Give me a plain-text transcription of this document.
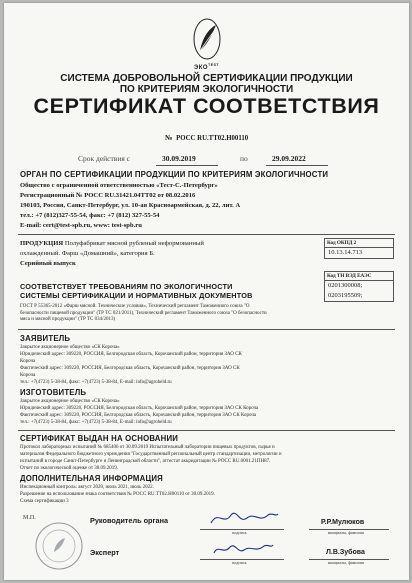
$ЭКО^{TEST}$
СИСТЕМА ДОБРОВОЛЬНОЙ СЕРТИФИКАЦИИ ПРОДУКЦИИ
ПО КРИТЕРИЯМ ЭКОЛОГИЧНОСТИ
СЕРТИФИКАТ СООТВЕТСТВИЯ
№ РОСС RU.ТТ02.Н00110
Срок действия с	30.09.2019	по	29.09.2022
ОРГАН ПО СЕРТИФИКАЦИИ ПРОДУКЦИИ ПО КРИТЕРИЯМ ЭКОЛОГИЧНОСТИ
Общество с ограниченной ответственностью «Тест-С.-Петербург»
Регистрационный № РОСС RU.31421.04ТТ02 от 08.02.2016
190103, Россия, Санкт-Петербург, ул. 10-ая Красноармейская, д. 22, лит. А
тел.: +7 (812)327-55-54, факс: +7 (812) 327-55-54
E-mail: cert@test-spb.ru, www: test-spb.ru
ПРОДУКЦИЯ Полуфабрикат мясной рубленый неформованный
охлажденный. Фарш «Домашний», категория Б.
Серийный выпуск
Код ОКПД 2
10.13.14.713
Код ТН ВЭД ЕАЭС
0201300008;
0203195509;
СООТВЕТСТВУЕТ ТРЕБОВАНИЯМ ПО ЭКОЛОГИЧНОСТИ
СИСТЕМЫ СЕРТИФИКАЦИИ И НОРМАТИВНЫХ ДОКУМЕНТОВ
ГОСТ Р 55365-2012 «Фарш мясной. Технические условия», Технический регламент Таможенного союза "О
безопасности пищевой продукции" (ТР ТС 021/2011), Технический регламент Таможенного союза "О безопасности
мяса и мясной продукции" (ТР ТС 034/2013)
ЗАЯВИТЕЛЬ
Закрытое акционерное общество «СК Короча»
Юридический адрес: 309220, РОССИЯ, Белгородская область, Корочанский район, территория ЗАО СК
Короча
Фактический адрес: 309220, РОССИЯ, Белгородская область, Корочанский район, территория ЗАО СК
Короча
тел.: +7(4723) 5-38-84, факс: +7(4723) 5-38-84, E-mail: info@agroheld.ru
ИЗГОТОВИТЕЛЬ
Закрытое акционерное общество «СК Короча»
Юридический адрес: 309220, РОССИЯ, Белгородская область, Корочанский район, территория ЗАО СК Короча
Фактический адрес: 309220, РОССИЯ, Белгородская область, Корочанский район, территория ЗАО СК Короча
тел.: +7(4723) 5-38-84, факс: +7(4723) 5-38-84, E-mail: info@agroheld.ru
СЕРТИФИКАТ ВЫДАН НА ОСНОВАНИИ
Протокол лабораторных испытаний № 685406 от 30.09.2019 Испытательный лаборатории пищевых продуктов, сырья и
материалов Федерального бюджетного учреждения "Государственный региональный центр стандартизации, метрологии и
испытаний в городе Санкт-Петербурге и Ленинградской области", аттестат аккредитации № РОСС RU.0001.21ПН87.
Отчет по экологической оценке от 30.09.2019.
ДОПОЛНИТЕЛЬНАЯ ИНФОРМАЦИЯ
Инспекционный контроль: август 2020, июль 2021, июль 2022.
Разрешение на использование знака соответствия № РОСС RU.ТТ02.Н00110 от 30.09.2019.
Схема сертификации 3
М.П.	Руководитель органа
подпись
Р.Р.Мулюков
инициалы, фамилия
Эксперт
подпись
Л.В.Зубова
инициалы, фамилия
